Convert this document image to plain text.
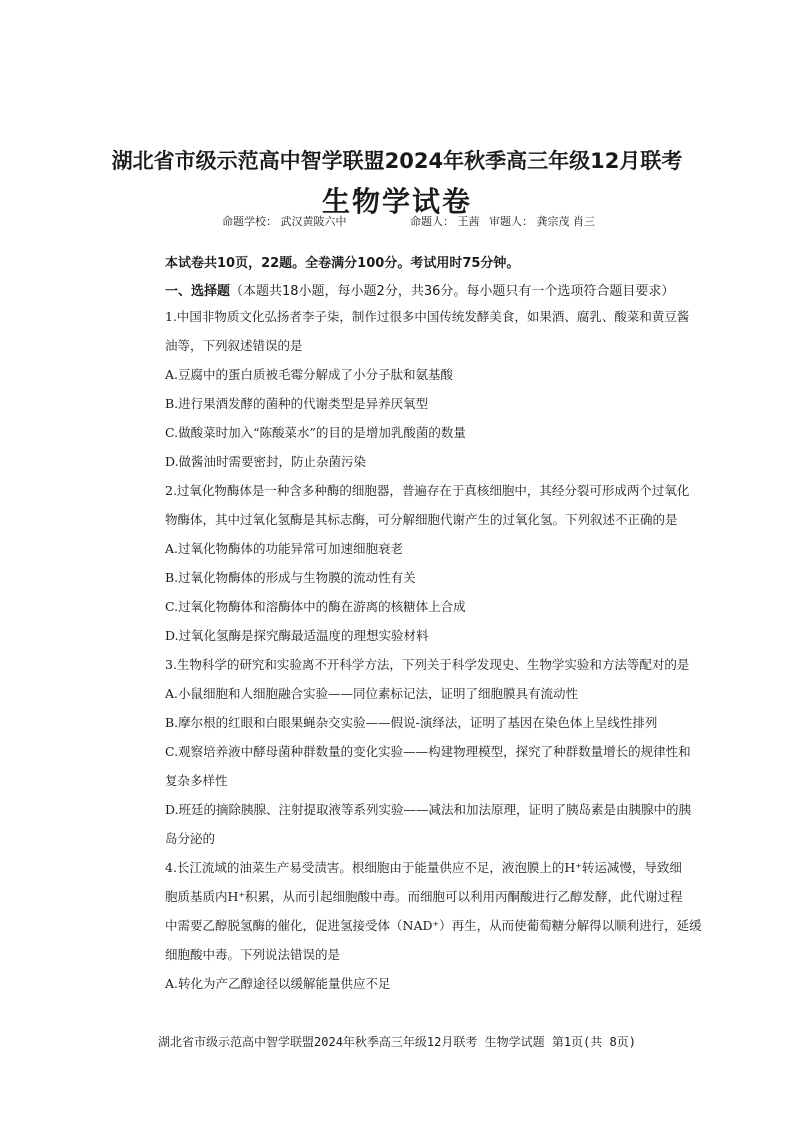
湖北省市级示范高中智学联盟2024年秋季高三年级12月联考
生物学试卷
命题学校： 武汉黄陂六中	命题人： 王茜 审题人： 龚宗茂 肖三
本试卷共10页，22题。全卷满分100分。考试用时75分钟。
一、选择题（本题共18小题，每小题2分，共36分。每小题只有一个选项符合题目要求）
1.中国非物质文化弘扬者李子柒，制作过很多中国传统发酵美食，如果酒、腐乳、酸菜和黄豆酱
油等，下列叙述错误的是
A.豆腐中的蛋白质被毛霉分解成了小分子肽和氨基酸
B.进行果酒发酵的菌种的代谢类型是异养厌氧型
C.做酸菜时加入“陈酸菜水”的目的是增加乳酸菌的数量
D.做酱油时需要密封，防止杂菌污染
2.过氧化物酶体是一种含多种酶的细胞器，普遍存在于真核细胞中，其经分裂可形成两个过氧化
物酶体，其中过氧化氢酶是其标志酶，可分解细胞代谢产生的过氧化氢。下列叙述不正确的是
A.过氧化物酶体的功能异常可加速细胞衰老
B.过氧化物酶体的形成与生物膜的流动性有关
C.过氧化物酶体和溶酶体中的酶在游离的核糖体上合成
D.过氧化氢酶是探究酶最适温度的理想实验材料
3.生物科学的研究和实验离不开科学方法，下列关于科学发现史、生物学实验和方法等配对的是
A.小鼠细胞和人细胞融合实验——同位素标记法，证明了细胞膜具有流动性
B.摩尔根的红眼和白眼果蝇杂交实验——假说-演绎法，证明了基因在染色体上呈线性排列
C.观察培养液中酵母菌种群数量的变化实验——构建物理模型，探究了种群数量增长的规律性和
复杂多样性
D.班廷的摘除胰腺、注射提取液等系列实验——减法和加法原理，证明了胰岛素是由胰腺中的胰
岛分泌的
4.长江流域的油菜生产易受渍害。根细胞由于能量供应不足，液泡膜上的H⁺转运减慢，导致细
胞质基质内H⁺积累，从而引起细胞酸中毒。而细胞可以利用丙酮酸进行乙醇发酵，此代谢过程
中需要乙醇脱氢酶的催化，促进氢接受体（NAD⁺）再生，从而使葡萄糖分解得以顺利进行，延缓
细胞酸中毒。下列说法错误的是
A.转化为产乙醇途径以缓解能量供应不足
湖北省市级示范高中智学联盟2024年秋季高三年级12月联考 生物学试题 第1页(共 8页)
